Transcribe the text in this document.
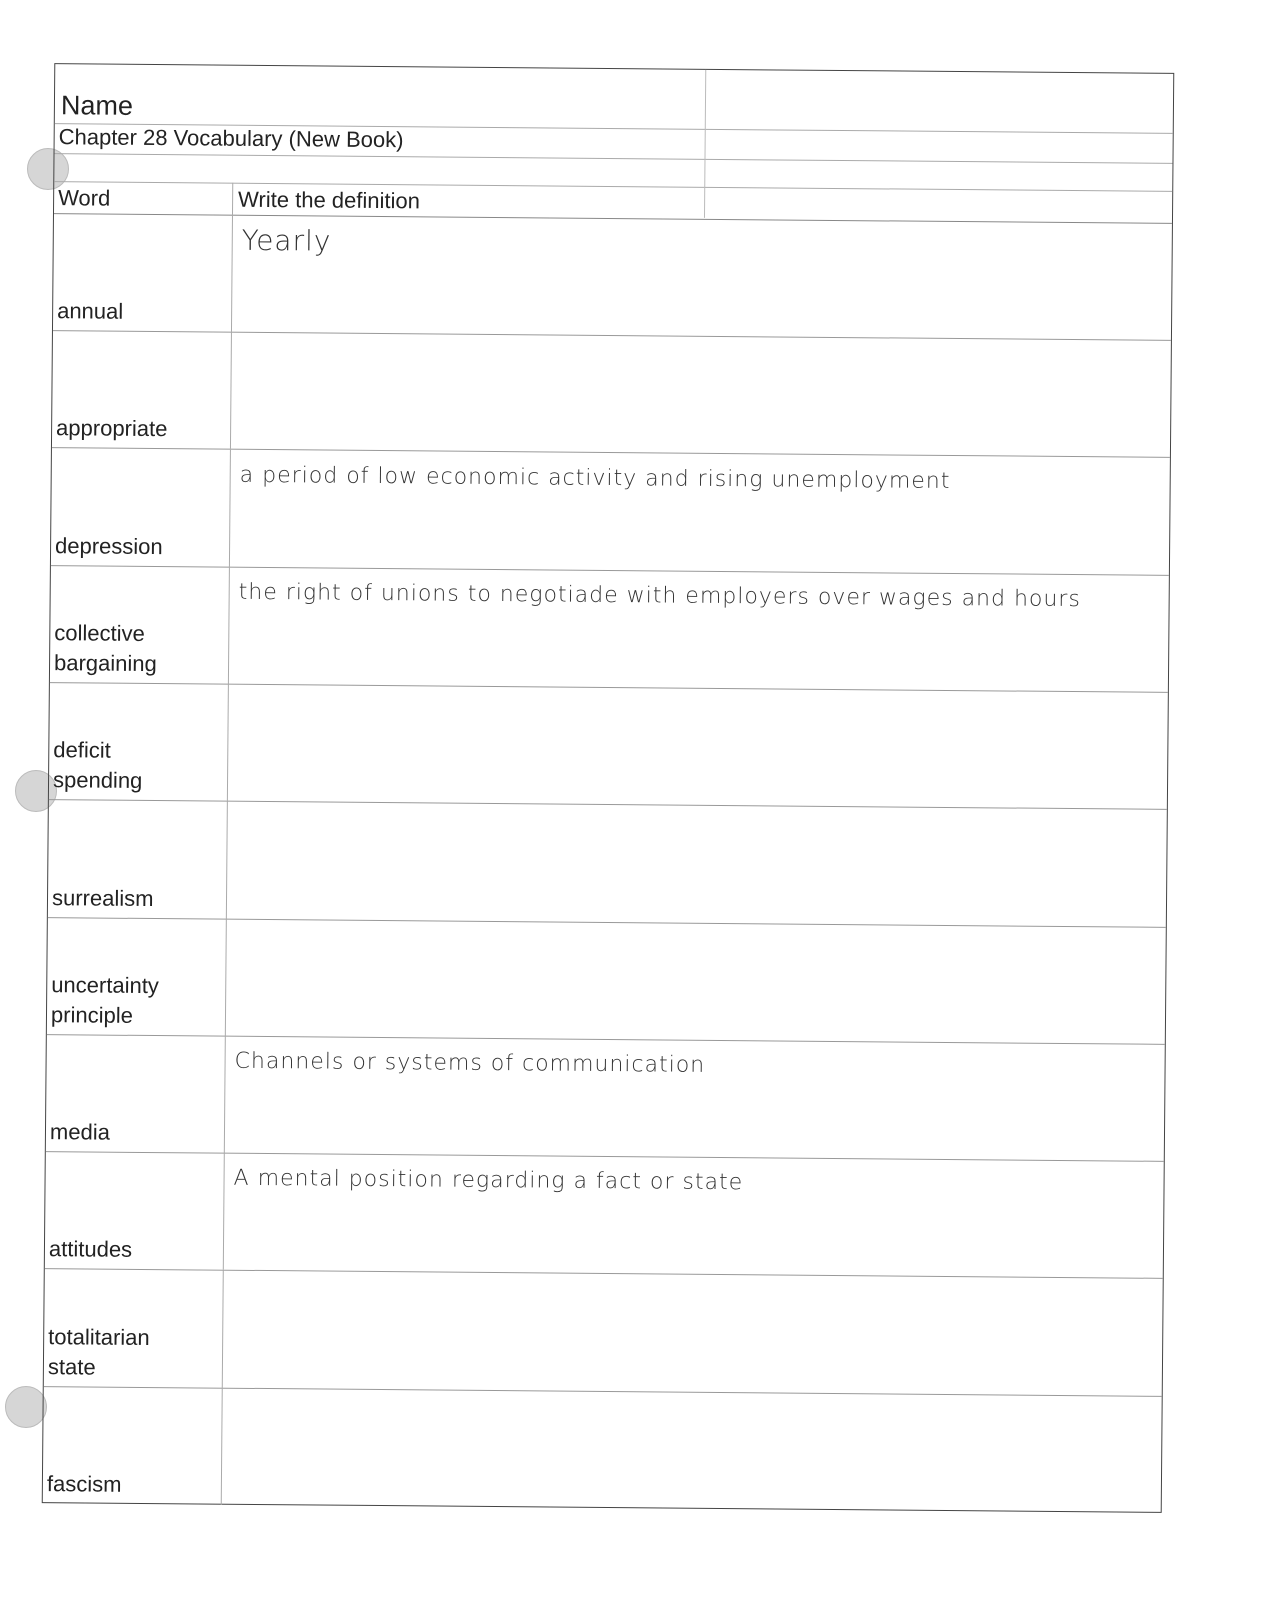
Name
Chapter 28 Vocabulary (New Book)
Word	Write the definition
annual
Yearly
appropriate
depression
a period of low economic activity and rising unemployment
collective
bargaining
the right of unions to negotiade with employers over wages and hours
deficit
spending
surrealism
uncertainty
principle
media
Channels or systems of communication
attitudes
A mental position regarding a fact or state
totalitarian
state
fascism
